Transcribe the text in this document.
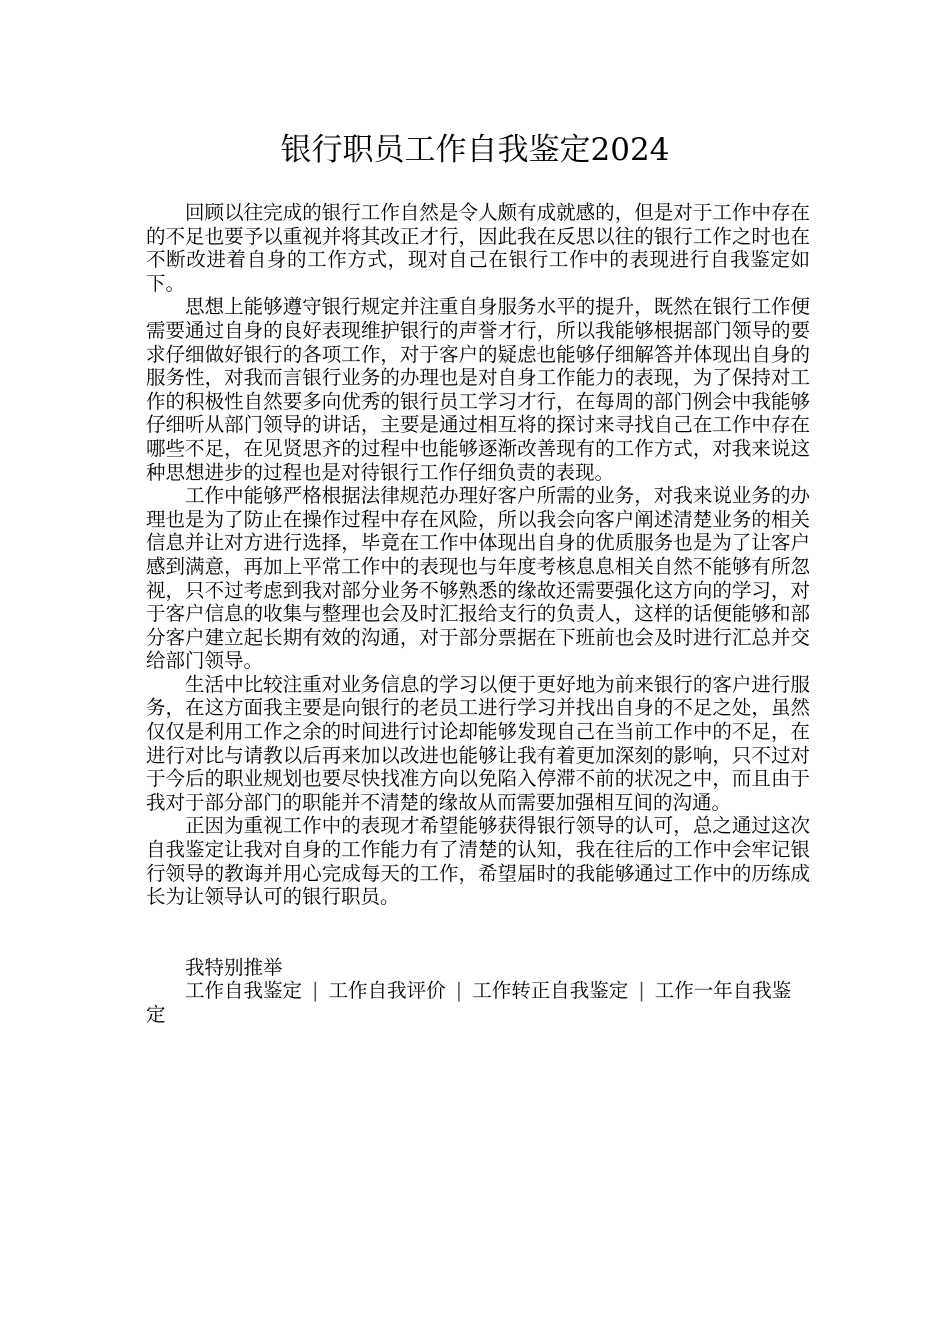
银行职员工作自我鉴定2024

回顾以往完成的银行工作自然是令人颇有成就感的，但是对于工作中存在的不足也要予以重视并将其改正才行，因此我在反思以往的银行工作之时也在不断改进着自身的工作方式，现对自己在银行工作中的表现进行自我鉴定如下。

思想上能够遵守银行规定并注重自身服务水平的提升，既然在银行工作便需要通过自身的良好表现维护银行的声誉才行，所以我能够根据部门领导的要求仔细做好银行的各项工作，对于客户的疑虑也能够仔细解答并体现出自身的服务性，对我而言银行业务的办理也是对自身工作能力的表现，为了保持对工作的积极性自然要多向优秀的银行员工学习才行，在每周的部门例会中我能够仔细听从部门领导的讲话，主要是通过相互将的探讨来寻找自己在工作中存在哪些不足，在见贤思齐的过程中也能够逐渐改善现有的工作方式，对我来说这种思想进步的过程也是对待银行工作仔细负责的表现。

工作中能够严格根据法律规范办理好客户所需的业务，对我来说业务的办理也是为了防止在操作过程中存在风险，所以我会向客户阐述清楚业务的相关信息并让对方进行选择，毕竟在工作中体现出自身的优质服务也是为了让客户感到满意，再加上平常工作中的表现也与年度考核息息相关自然不能够有所忽视，只不过考虑到我对部分业务不够熟悉的缘故还需要强化这方向的学习，对于客户信息的收集与整理也会及时汇报给支行的负责人，这样的话便能够和部分客户建立起长期有效的沟通，对于部分票据在下班前也会及时进行汇总并交给部门领导。

生活中比较注重对业务信息的学习以便于更好地为前来银行的客户进行服务，在这方面我主要是向银行的老员工进行学习并找出自身的不足之处，虽然仅仅是利用工作之余的时间进行讨论却能够发现自己在当前工作中的不足，在进行对比与请教以后再来加以改进也能够让我有着更加深刻的影响，只不过对于今后的职业规划也要尽快找准方向以免陷入停滞不前的状况之中，而且由于我对于部分部门的职能并不清楚的缘故从而需要加强相互间的沟通。

正因为重视工作中的表现才希望能够获得银行领导的认可，总之通过这次自我鉴定让我对自身的工作能力有了清楚的认知，我在往后的工作中会牢记银行领导的教诲并用心完成每天的工作，希望届时的我能够通过工作中的历练成长为让领导认可的银行职员。

我特别推举

工作自我鉴定 | 工作自我评价 | 工作转正自我鉴定 | 工作一年自我鉴定
